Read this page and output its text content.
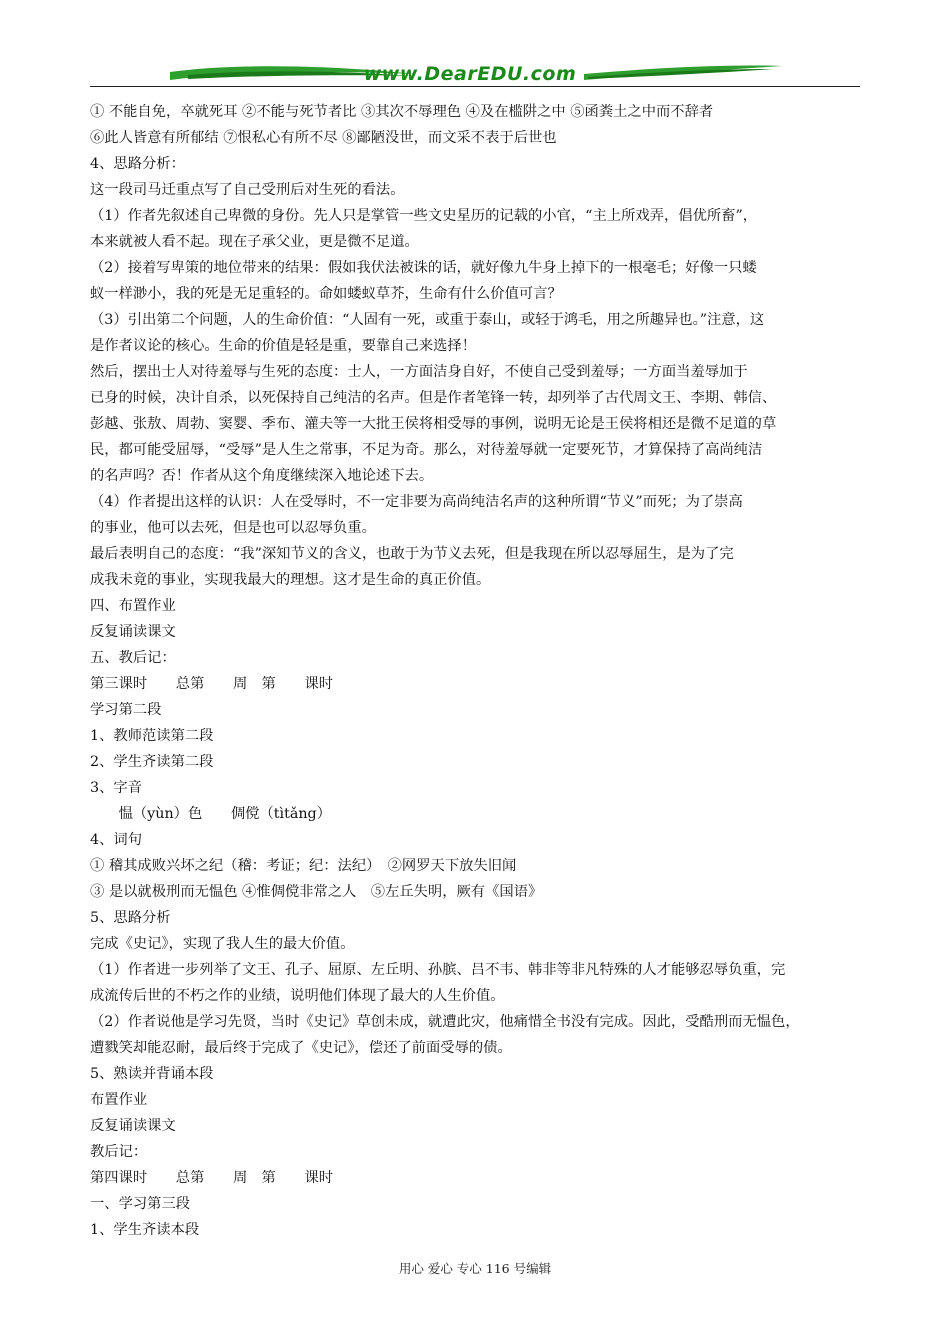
www.DearEDU.com
① 不能自免，卒就死耳 ②不能与死节者比 ③其次不辱理色 ④及在槛阱之中 ⑤函粪土之中而不辞者
⑥此人皆意有所郁结 ⑦恨私心有所不尽 ⑧鄙陋没世，而文采不表于后世也
4、思路分析：
这一段司马迁重点写了自己受刑后对生死的看法。
（1）作者先叙述自己卑微的身份。先人只是掌管一些文史星历的记载的小官，“主上所戏弄，倡优所畜”，
本来就被人看不起。现在子承父业，更是微不足道。
（2）接着写卑策的地位带来的结果：假如我伏法被诛的话，就好像九牛身上掉下的一根毫毛；好像一只蝼
蚁一样渺小，我的死是无足重轻的。命如蝼蚁草芥，生命有什么价值可言？
（3）引出第二个问题，人的生命价值：“人固有一死，或重于泰山，或轻于鸿毛，用之所趣异也。”注意，这
是作者议论的核心。生命的价值是轻是重，要靠自己来选择！
然后，摆出士人对待羞辱与生死的态度：士人，一方面洁身自好，不使自己受到羞辱；一方面当羞辱加于
已身的时候，决计自杀，以死保持自己纯洁的名声。但是作者笔锋一转，却列举了古代周文王、李期、韩信、
彭越、张敖、周勃、窦婴、季布、灌夫等一大批王侯将相受辱的事例，说明无论是王侯将相还是微不足道的草
民，都可能受屈辱，“受辱”是人生之常事，不足为奇。那么，对待羞辱就一定要死节，才算保持了高尚纯洁
的名声吗？否！作者从这个角度继续深入地论述下去。
（4）作者提出这样的认识：人在受辱时，不一定非要为高尚纯洁名声的这种所谓“节义”而死；为了崇高
的事业，他可以去死，但是也可以忍辱负重。
最后表明自己的态度：“我”深知节义的含义，也敢于为节义去死，但是我现在所以忍辱屈生，是为了完
成我未竟的事业，实现我最大的理想。这才是生命的真正价值。
四、布置作业
反复诵读课文
五、教后记：
第三课时　　总第　　周　第　　课时
学习第二段
1、教师范读第二段
2、学生齐读第二段
3、字音
　　愠（yùn）色　　倜傥（tìtǎng）
4、词句
① 稽其成败兴坏之纪（稽：考证；纪：法纪）　②网罗天下放失旧闻
③ 是以就极刑而无愠色 ④惟倜傥非常之人　⑤左丘失明，厥有《国语》
5、思路分析
完成《史记》，实现了我人生的最大价值。
（1）作者进一步列举了文王、孔子、屈原、左丘明、孙膑、吕不韦、韩非等非凡特殊的人才能够忍辱负重，完
成流传后世的不朽之作的业绩，说明他们体现了最大的人生价值。
（2）作者说他是学习先贤，当时《史记》草创未成，就遭此灾，他痛惜全书没有完成。因此，受酷刑而无愠色，
遭戮笑却能忍耐，最后终于完成了《史记》，偿还了前面受辱的债。
5、熟读并背诵本段
布置作业
反复诵读课文
教后记：
第四课时　　总第　　周　第　　课时
一、学习第三段
1、学生齐读本段
用心 爱心 专心 116 号编辑
